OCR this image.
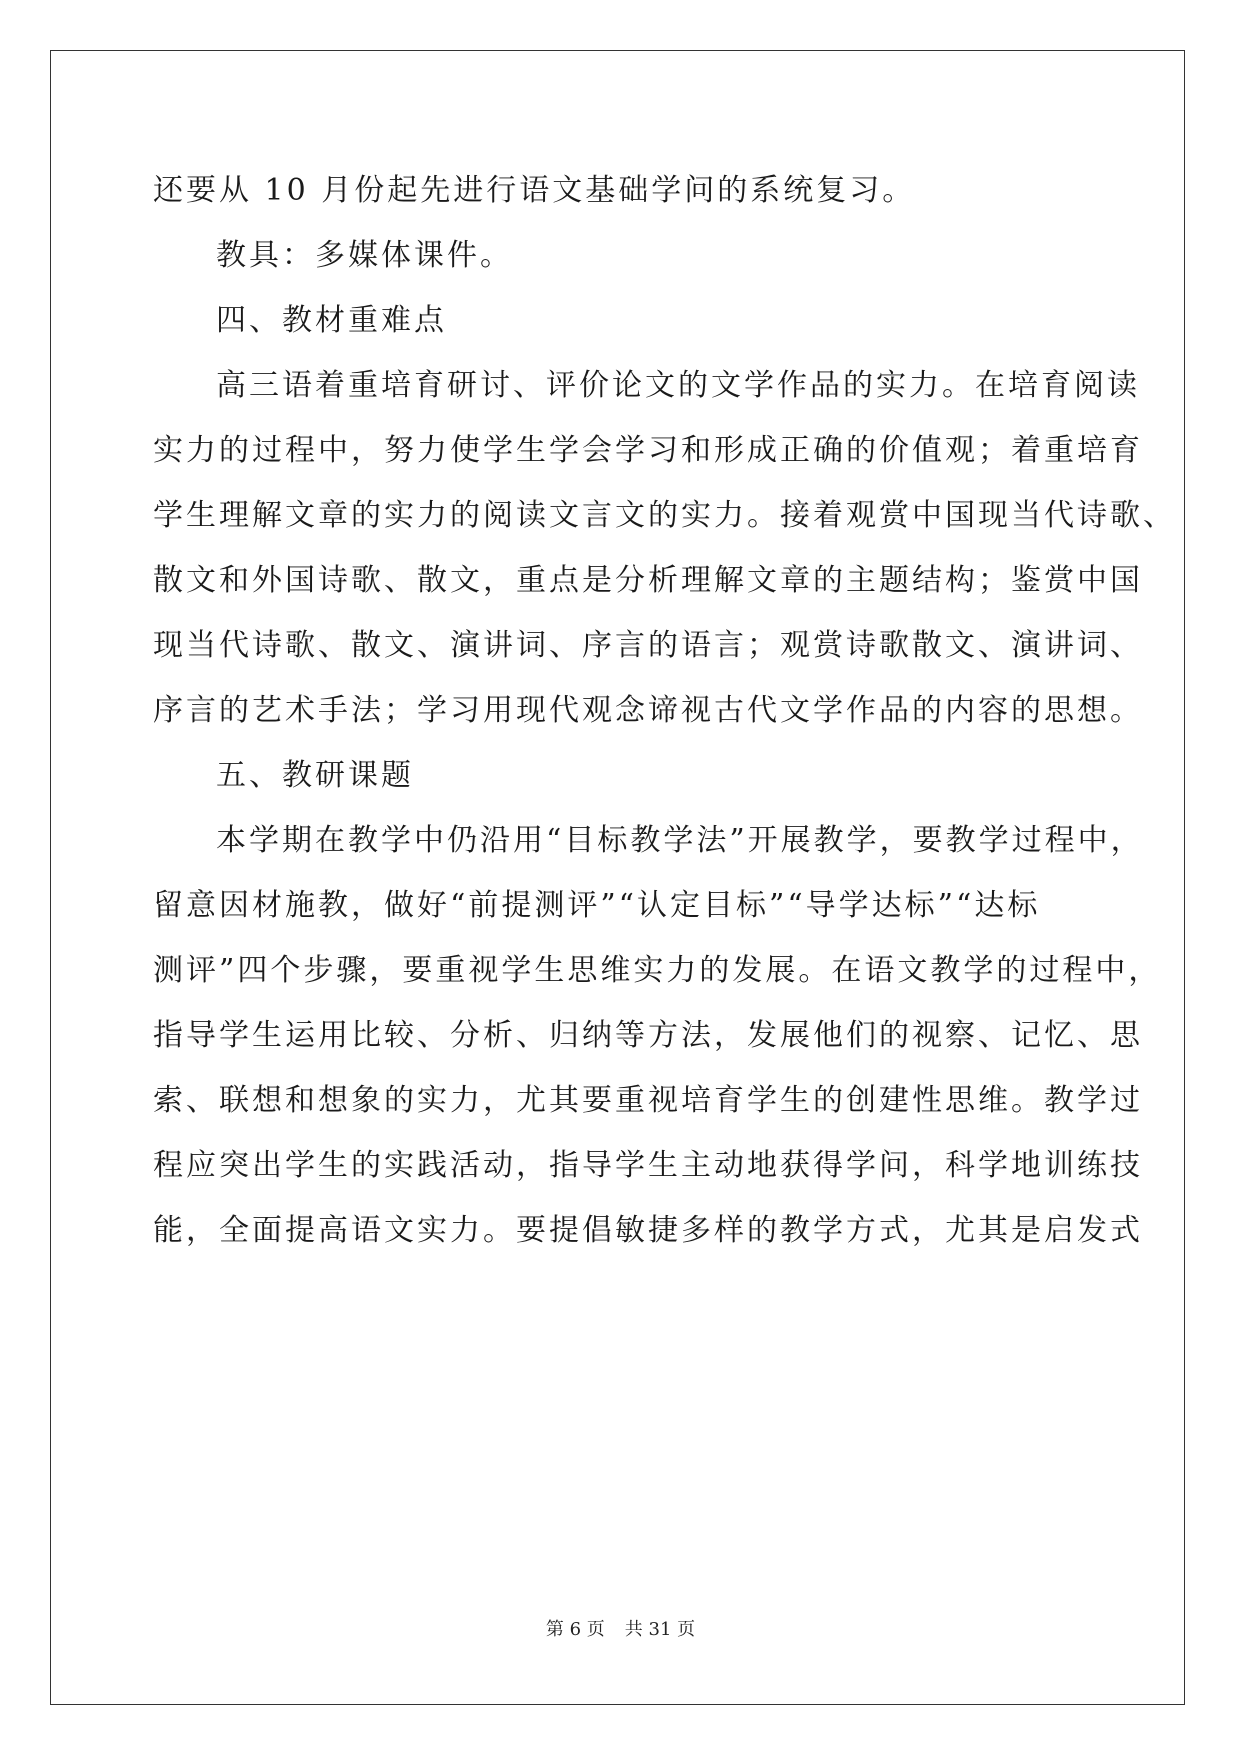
还要从 10 月份起先进行语文基础学问的系统复习。
教具：多媒体课件。
四、教材重难点
高三语着重培育研讨、评价论文的文学作品的实力。在培育阅读
实力的过程中，努力使学生学会学习和形成正确的价值观；着重培育
学生理解文章的实力的阅读文言文的实力。接着观赏中国现当代诗歌、
散文和外国诗歌、散文，重点是分析理解文章的主题结构；鉴赏中国
现当代诗歌、散文、演讲词、序言的语言；观赏诗歌散文、演讲词、
序言的艺术手法；学习用现代观念谛视古代文学作品的内容的思想。
五、教研课题
本学期在教学中仍沿用“目标教学法”开展教学，要教学过程中，
留意因材施教，做好“前提测评”“认定目标”“导学达标”“达标
测评”四个步骤，要重视学生思维实力的发展。在语文教学的过程中，
指导学生运用比较、分析、归纳等方法，发展他们的视察、记忆、思
索、联想和想象的实力，尤其要重视培育学生的创建性思维。教学过
程应突出学生的实践活动，指导学生主动地获得学问，科学地训练技
能，全面提高语文实力。要提倡敏捷多样的教学方式，尤其是启发式
第 6 页 共 31 页
